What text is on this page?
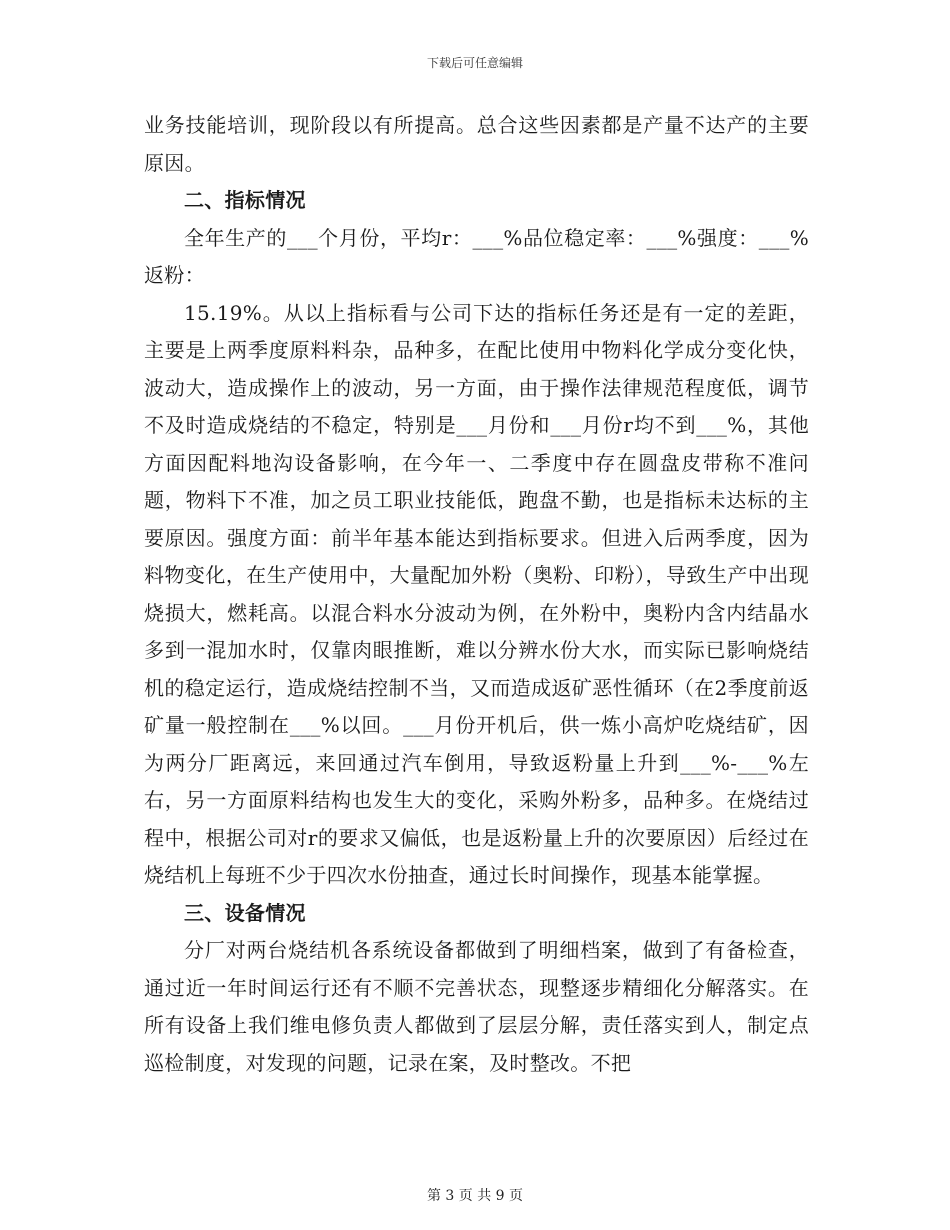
下载后可任意编辑

业务技能培训，现阶段以有所提高。总合这些因素都是产量不达产的主要原因。

二、指标情况

全年生产的___个月份，平均r：___%品位稳定率：___%强度：___%返粉：

15.19%。从以上指标看与公司下达的指标任务还是有一定的差距，主要是上两季度原料料杂，品种多，在配比使用中物料化学成分变化快，波动大，造成操作上的波动，另一方面，由于操作法律规范程度低，调节不及时造成烧结的不稳定，特别是___月份和___月份r均不到___%，其他方面因配料地沟设备影响，在今年一、二季度中存在圆盘皮带称不准问题，物料下不准，加之员工职业技能低，跑盘不勤，也是指标未达标的主要原因。强度方面：前半年基本能达到指标要求。但进入后两季度，因为料物变化，在生产使用中，大量配加外粉（奥粉、印粉），导致生产中出现烧损大，燃耗高。以混合料水分波动为例，在外粉中，奥粉内含内结晶水多到一混加水时，仅靠肉眼推断，难以分辨水份大水，而实际已影响烧结机的稳定运行，造成烧结控制不当，又而造成返矿恶性循环（在2季度前返矿量一般控制在___%以回。___月份开机后，供一炼小高炉吃烧结矿，因为两分厂距离远，来回通过汽车倒用，导致返粉量上升到___%-___%左右，另一方面原料结构也发生大的变化，采购外粉多，品种多。在烧结过程中，根据公司对r的要求又偏低，也是返粉量上升的次要原因）后经过在烧结机上每班不少于四次水份抽查，通过长时间操作，现基本能掌握。

三、设备情况

分厂对两台烧结机各系统设备都做到了明细档案，做到了有备检查，通过近一年时间运行还有不顺不完善状态，现整逐步精细化分解落实。在所有设备上我们维电修负责人都做到了层层分解，责任落实到人，制定点巡检制度，对发现的问题，记录在案，及时整改。不把

第 3 页 共 9 页
